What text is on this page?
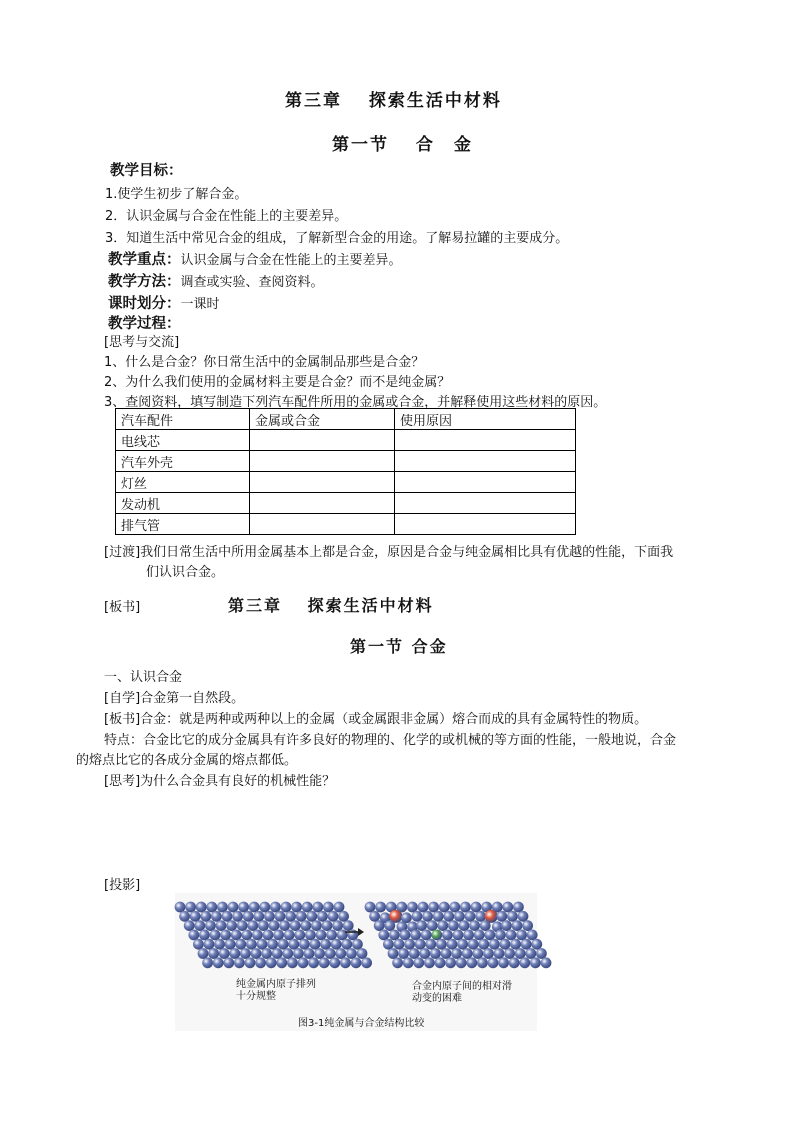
第三章　 探索生活中材料
第一节　 合　金
教学目标：
1.使学生初步了解合金。
2．认识金属与合金在性能上的主要差异。
3．知道生活中常见合金的组成，了解新型合金的用途。了解易拉罐的主要成分。
教学重点：认识金属与合金在性能上的主要差异。
教学方法：调查或实验、查阅资料。
课时划分：一课时
教学过程：
[思考与交流]
1、什么是合金？你日常生活中的金属制品那些是合金？
2、为什么我们使用的金属材料主要是合金？而不是纯金属？
3、查阅资料，填写制造下列汽车配件所用的金属或合金，并解释使用这些材料的原因。
汽车配件	金属或合金	使用原因
电线芯		
汽车外壳		
灯丝		
发动机		
排气管		
[过渡]我们日常生活中所用金属基本上都是合金，原因是合金与纯金属相比具有优越的性能，下面我
们认识合金。
[板书]	第三章　 探索生活中材料
第一节 合金
一、认识合金
[自学]合金第一自然段。
[板书]合金：就是两种或两种以上的金属（或金属跟非金属）熔合而成的具有金属特性的物质。
特点：合金比它的成分金属具有许多良好的物理的、化学的或机械的等方面的性能，一般地说，合金
的熔点比它的各成分金属的熔点都低。
[思考]为什么合金具有良好的机械性能？
[投影]
纯金属内原子排列
十分规整
合金内原子间的相对滑
动变的困难
图3-1纯金属与合金结构比较
